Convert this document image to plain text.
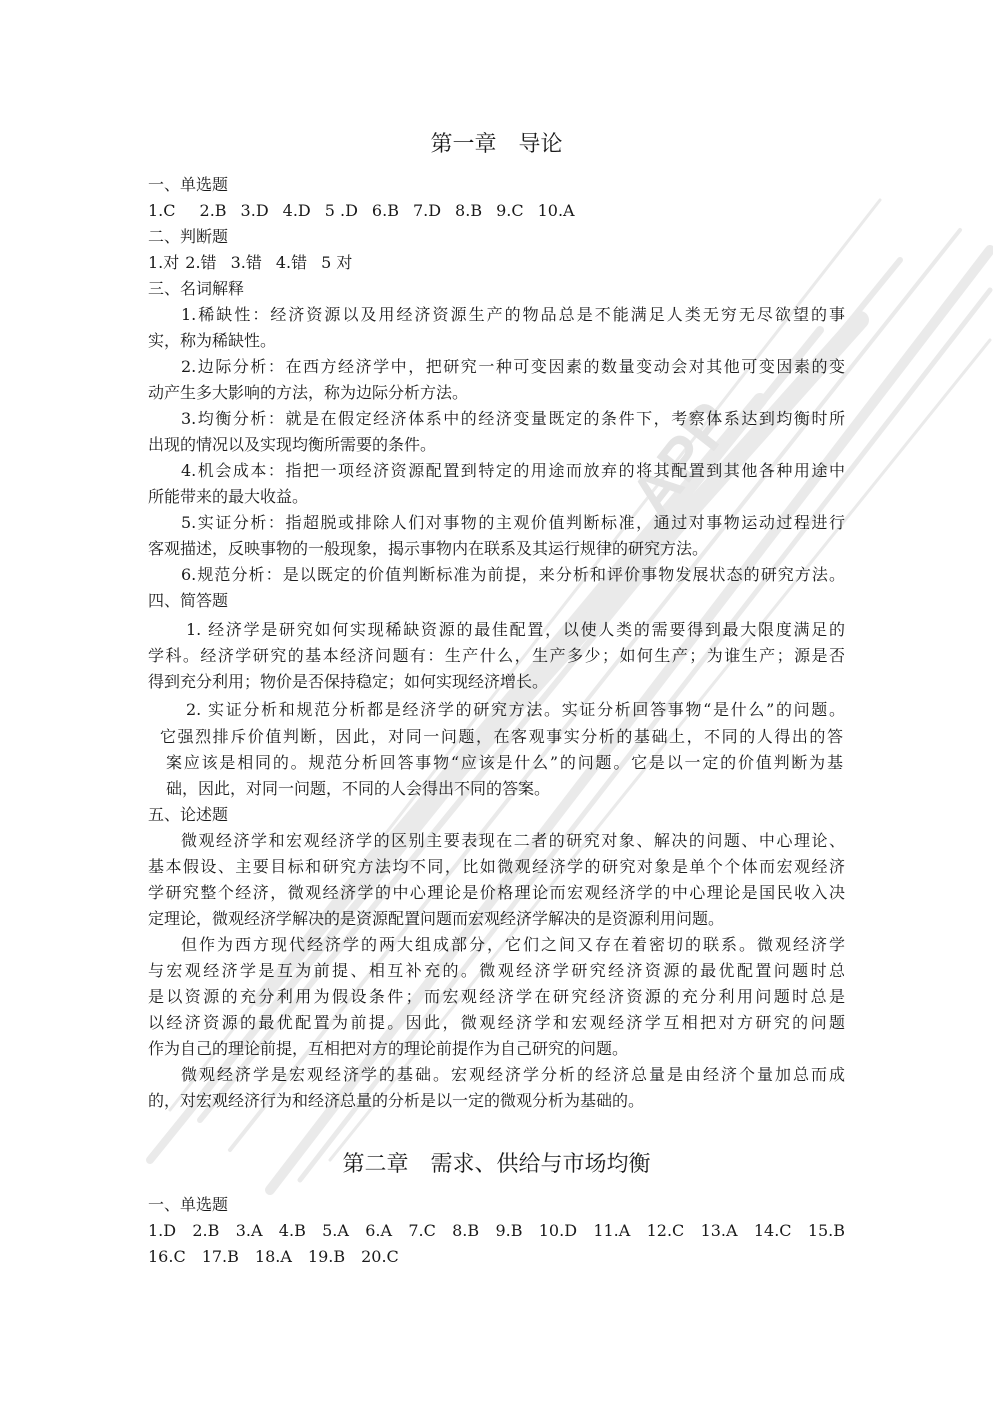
APP
第一章　导论
一、单选题
1.C 2.B 3.D 4.D 5 .D 6.B 7.D 8.B 9.C 10.A
二、判断题
1.对 2.错 3.错 4.错 5 对
三、名词解释
1.稀缺性：经济资源以及用经济资源生产的物品总是不能满足人类无穷无尽欲望的事
实，称为稀缺性。
2.边际分析：在西方经济学中，把研究一种可变因素的数量变动会对其他可变因素的变
动产生多大影响的方法，称为边际分析方法。
3.均衡分析：就是在假定经济体系中的经济变量既定的条件下，考察体系达到均衡时所
出现的情况以及实现均衡所需要的条件。
4.机会成本：指把一项经济资源配置到特定的用途而放弃的将其配置到其他各种用途中
所能带来的最大收益。
5.实证分析：指超脱或排除人们对事物的主观价值判断标准，通过对事物运动过程进行
客观描述，反映事物的一般现象，揭示事物内在联系及其运行规律的研究方法。
6.规范分析：是以既定的价值判断标准为前提，来分析和评价事物发展状态的研究方法。
四、简答题
1. 经济学是研究如何实现稀缺资源的最佳配置，以使人类的需要得到最大限度满足的
学科。经济学研究的基本经济问题有：生产什么，生产多少；如何生产；为谁生产；源是否
得到充分利用；物价是否保持稳定；如何实现经济增长。
2. 实证分析和规范分析都是经济学的研究方法。实证分析回答事物“是什么”的问题。
它强烈排斥价值判断，因此，对同一问题，在客观事实分析的基础上，不同的人得出的答
案应该是相同的。规范分析回答事物“应该是什么”的问题。它是以一定的价值判断为基
础，因此，对同一问题，不同的人会得出不同的答案。
五、论述题
微观经济学和宏观经济学的区别主要表现在二者的研究对象、解决的问题、中心理论、
基本假设、主要目标和研究方法均不同，比如微观经济学的研究对象是单个个体而宏观经济
学研究整个经济，微观经济学的中心理论是价格理论而宏观经济学的中心理论是国民收入决
定理论，微观经济学解决的是资源配置问题而宏观经济学解决的是资源利用问题。
但作为西方现代经济学的两大组成部分，它们之间又存在着密切的联系。微观经济学
与宏观经济学是互为前提、相互补充的。微观经济学研究经济资源的最优配置问题时总
是以资源的充分利用为假设条件；而宏观经济学在研究经济资源的充分利用问题时总是
以经济资源的最优配置为前提。因此，微观经济学和宏观经济学互相把对方研究的问题
作为自己的理论前提，互相把对方的理论前提作为自己研究的问题。
微观经济学是宏观经济学的基础。宏观经济学分析的经济总量是由经济个量加总而成
的，对宏观经济行为和经济总量的分析是以一定的微观分析为基础的。
第二章　需求、供给与市场均衡
一、单选题
1.D 2.B 3.A 4.B 5.A 6.A 7.C 8.B 9.B 10.D 11.A 12.C 13.A 14.C 15.B
16.C 17.B 18.A 19.B 20.C
